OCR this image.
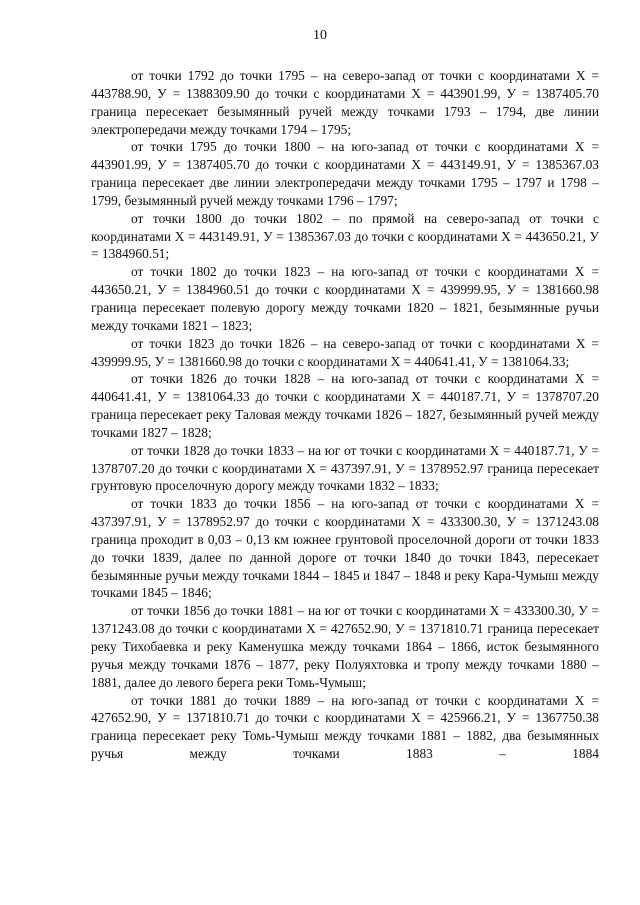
10

от точки 1792 до точки 1795 – на северо-запад от точки с координатами Х = 443788.90, У = 1388309.90 до точки с координатами Х = 443901.99, У = 1387405.70 граница пересекает безымянный ручей между точками 1793 – 1794, две линии электропередачи между точками 1794 – 1795;

от точки 1795 до точки 1800 – на юго-запад от точки с координатами Х = 443901.99, У = 1387405.70 до точки с координатами Х = 443149.91, У = 1385367.03 граница пересекает две линии электропередачи между точками 1795 – 1797 и 1798 – 1799, безымянный ручей между точками 1796 – 1797;

от точки 1800 до точки 1802 – по прямой на северо-запад от точки с координатами Х = 443149.91, У = 1385367.03 до точки с координатами Х = 443650.21, У = 1384960.51;

от точки 1802 до точки 1823 – на юго-запад от точки с координатами Х = 443650.21, У = 1384960.51 до точки с координатами Х = 439999.95, У = 1381660.98 граница пересекает полевую дорогу между точками 1820 – 1821, безымянные ручьи между точками 1821 – 1823;

от точки 1823 до точки 1826 – на северо-запад от точки с координатами Х = 439999.95, У = 1381660.98 до точки с координатами Х = 440641.41, У = 1381064.33;

от точки 1826 до точки 1828 – на юго-запад от точки с координатами Х = 440641.41, У = 1381064.33 до точки с координатами Х = 440187.71, У = 1378707.20 граница пересекает реку Таловая между точками 1826 – 1827, безымянный ручей между точками 1827 – 1828;

от точки 1828 до точки 1833 – на юг от точки с координатами Х = 440187.71, У = 1378707.20 до точки с координатами Х = 437397.91, У = 1378952.97 граница пересекает грунтовую проселочную дорогу между точками 1832 – 1833;

от точки 1833 до точки 1856 – на юго-запад от точки с координатами Х = 437397.91, У = 1378952.97 до точки с координатами Х = 433300.30, У = 1371243.08 граница проходит в 0,03 – 0,13 км южнее грунтовой проселочной дороги от точки 1833 до точки 1839, далее по данной дороге от точки 1840 до точки 1843, пересекает безымянные ручьи между точками 1844 – 1845 и 1847 – 1848 и реку Кара-Чумыш между точками 1845 – 1846;

от точки 1856 до точки 1881 – на юг от точки с координатами Х = 433300.30, У = 1371243.08 до точки с координатами Х = 427652.90, У = 1371810.71 граница пересекает реку Тихобаевка и реку Каменушка между точками 1864 – 1866, исток безымянного ручья между точками 1876 – 1877, реку Полуяхтовка и тропу между точками 1880 – 1881, далее до левого берега реки Томь-Чумыш;

от точки 1881 до точки 1889 – на юго-запад от точки с координатами Х = 427652.90, У = 1371810.71 до точки с координатами Х = 425966.21, У = 1367750.38 граница пересекает реку Томь-Чумыш между точками 1881 – 1882, два безымянных ручья между точками 1883 – 1884
